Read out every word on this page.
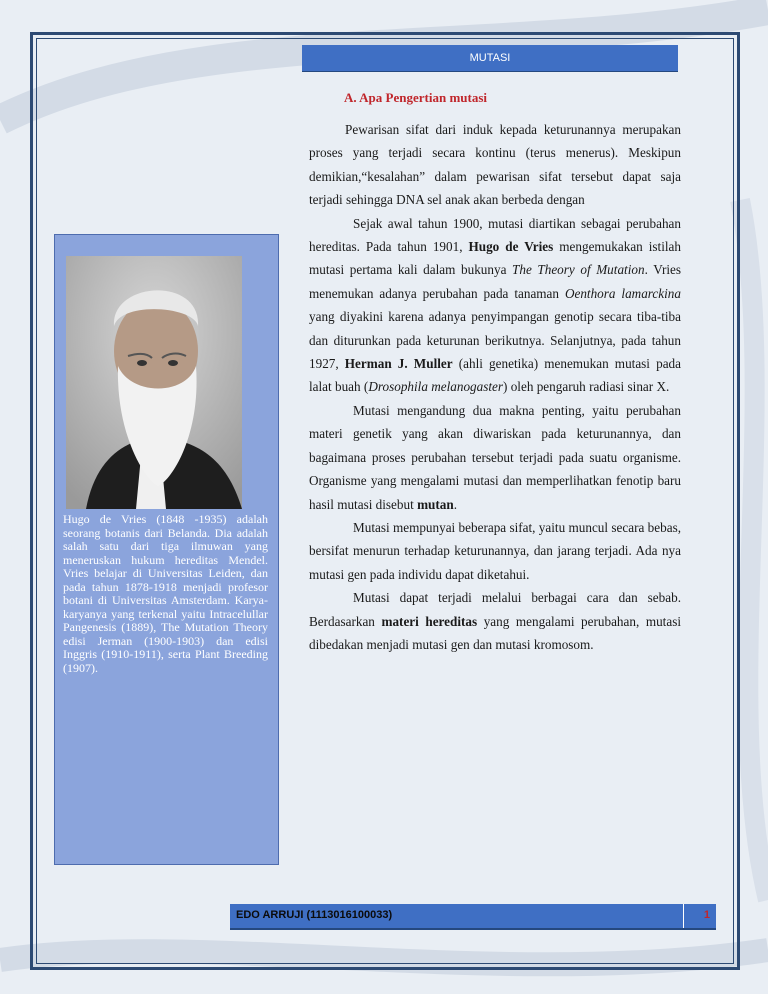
MUTASI
A. Apa Pengertian mutasi

Pewarisan sifat dari induk kepada keturunannya merupakan proses yang terjadi secara kontinu (terus menerus). Meskipun demikian,“kesalahan” dalam pewarisan sifat tersebut dapat saja terjadi sehingga DNA sel anak akan berbeda dengan

Sejak awal tahun 1900, mutasi diartikan sebagai perubahan hereditas. Pada tahun 1901, Hugo de Vries mengemukakan istilah mutasi pertama kali dalam bukunya The Theory of Mutation. Vries menemukan adanya perubahan pada tanaman Oenthora lamarckina yang diyakini karena adanya penyimpangan genotip secara tiba-tiba dan diturunkan pada keturunan berikutnya. Selanjutnya, pada tahun 1927, Herman J. Muller (ahli genetika) menemukan mutasi pada lalat buah (Drosophila melanogaster) oleh pengaruh radiasi sinar X.

Mutasi mengandung dua makna penting, yaitu perubahan materi genetik yang akan diwariskan pada keturunannya, dan bagaimana proses perubahan tersebut terjadi pada suatu organisme. Organisme yang mengalami mutasi dan memperlihatkan fenotip baru hasil mutasi disebut mutan.

Mutasi mempunyai beberapa sifat, yaitu muncul secara bebas, bersifat menurun terhadap keturunannya, dan jarang terjadi. Ada nya mutasi gen pada individu dapat diketahui.

Mutasi dapat terjadi melalui berbagai cara dan sebab. Berdasarkan materi hereditas yang mengalami perubahan, mutasi dibedakan menjadi mutasi gen dan mutasi kromosom.

Hugo de Vries (1848 -1935) adalah seorang botanis dari Belanda. Dia adalah salah satu dari tiga ilmuwan yang meneruskan hukum hereditas Mendel. Vries belajar di Universitas Leiden, dan pada tahun 1878-1918 menjadi profesor botani di Universitas Amsterdam. Karya-karyanya yang terkenal yaitu Intracelullar Pangenesis (1889), The Mutation Theory edisi Jerman (1900-1903) dan edisi Inggris (1910-1911), serta Plant Breeding (1907).
EDO ARRUJI (1113016100033)	1
